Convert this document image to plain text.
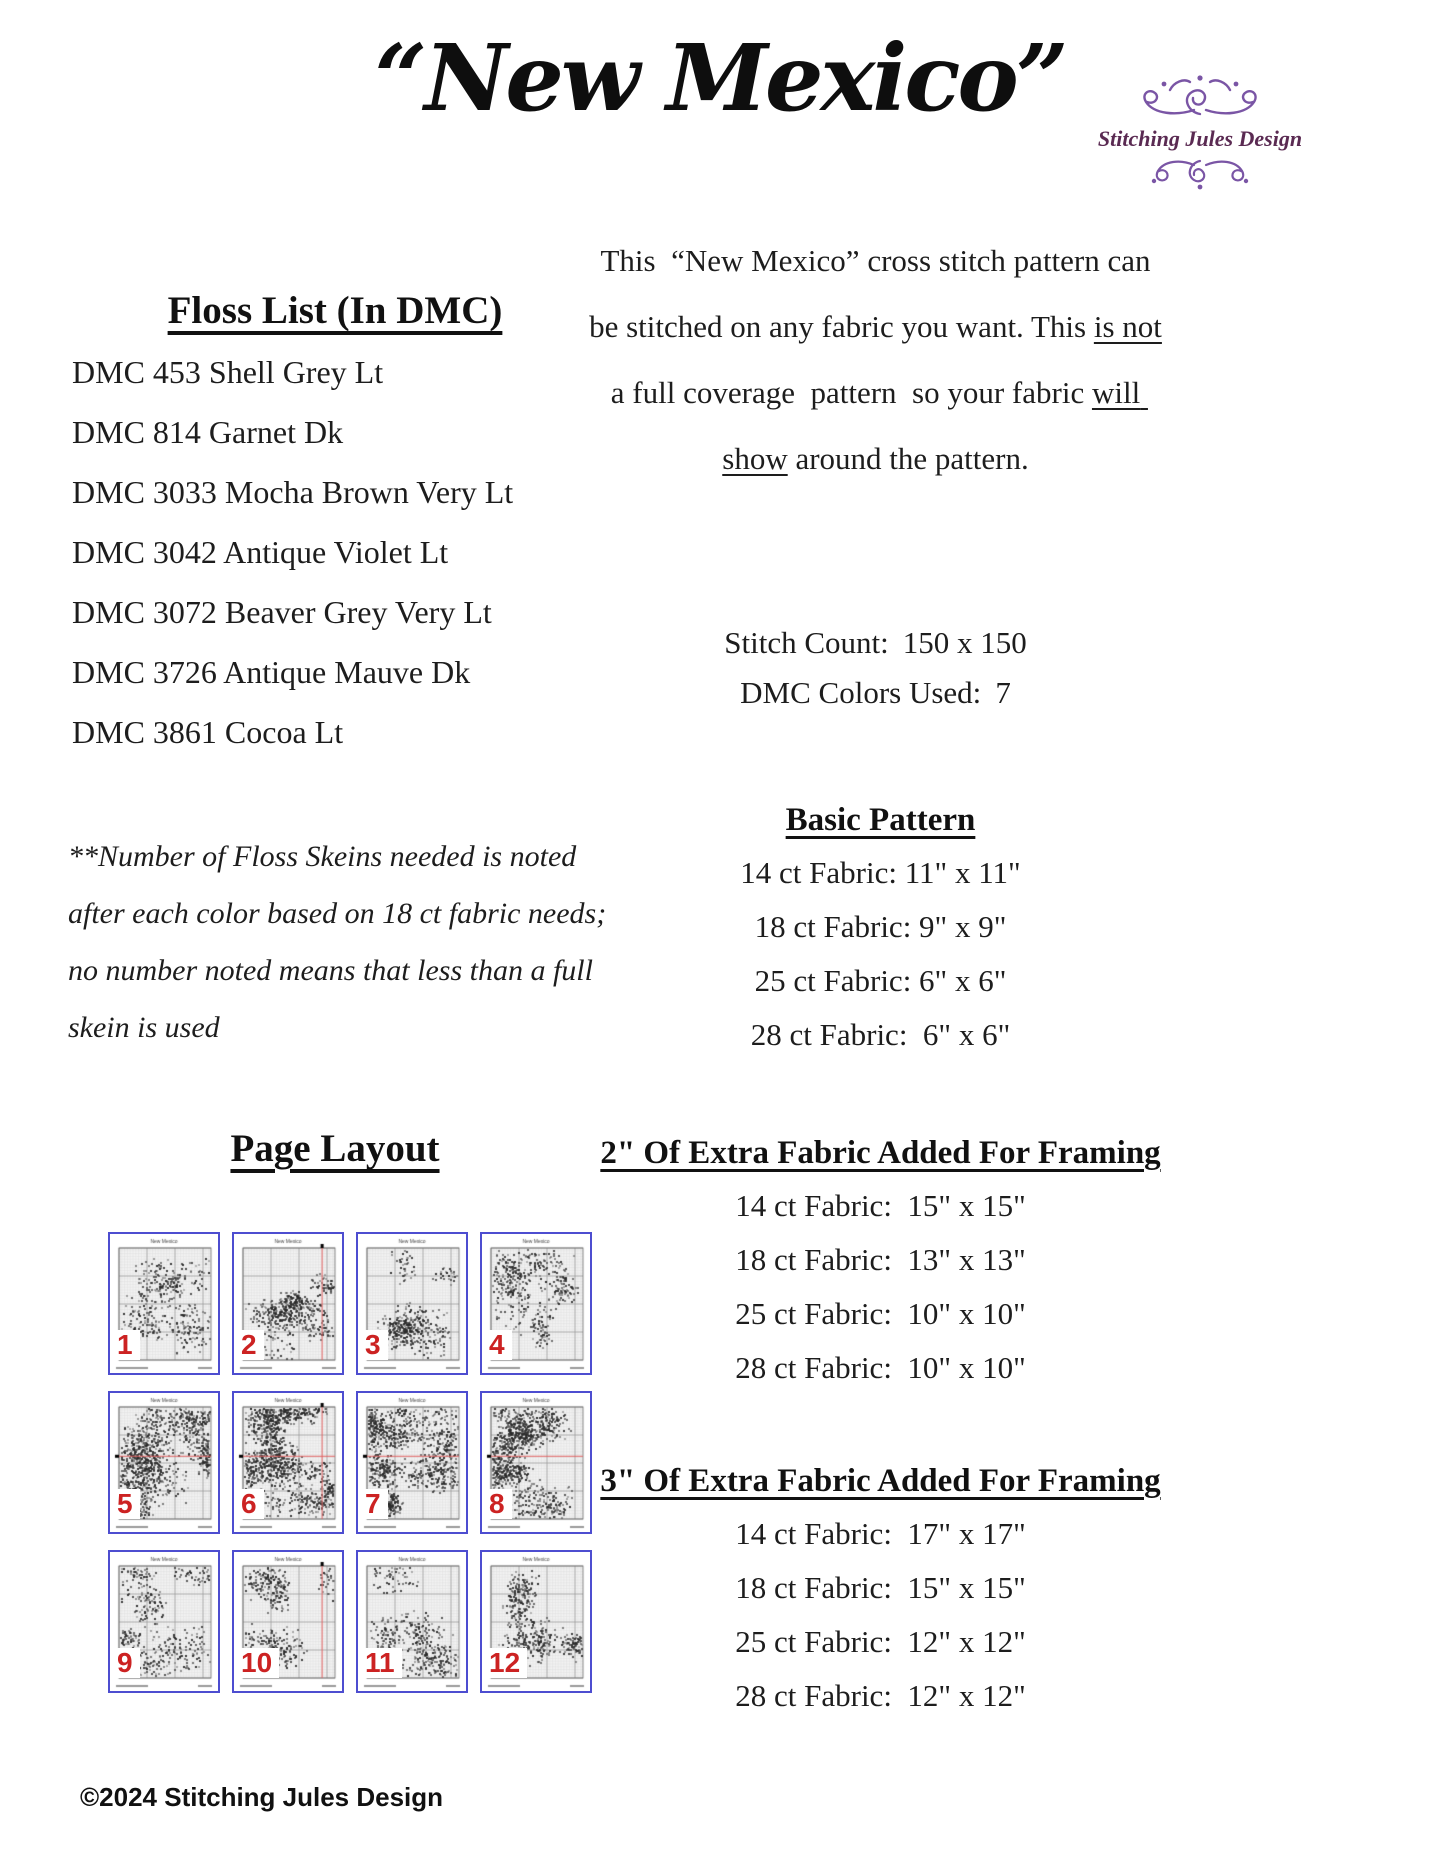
“New Mexico”
Stitching Jules Design
Floss List (In DMC)
DMC 453 Shell Grey Lt
DMC 814 Garnet Dk
DMC 3033 Mocha Brown Very Lt
DMC 3042 Antique Violet Lt
DMC 3072 Beaver Grey Very Lt
DMC 3726 Antique Mauve Dk
DMC 3861 Cocoa Lt
**Number of Floss Skeins needed is noted after each color based on 18 ct fabric needs; no number noted means that less than a full skein is used
Page Layout
1	2	3	4
5	6	7	8
9	10	11	12
©2024 Stitching Jules Design
This  “New Mexico” cross stitch pattern can be stitched on any fabric you want. This is not a full coverage  pattern  so your fabric will show around the pattern.
Stitch Count: 150 x 150
DMC Colors Used: 7
Basic Pattern
14 ct Fabric: 11" x 11"
18 ct Fabric: 9" x 9"
25 ct Fabric: 6" x 6"
28 ct Fabric:  6" x 6"
2" Of Extra Fabric Added For Framing
14 ct Fabric:  15" x 15"
18 ct Fabric:  13" x 13"
25 ct Fabric:  10" x 10"
28 ct Fabric:  10" x 10"
3" Of Extra Fabric Added For Framing
14 ct Fabric:  17" x 17"
18 ct Fabric:  15" x 15"
25 ct Fabric:  12" x 12"
28 ct Fabric:  12" x 12"
